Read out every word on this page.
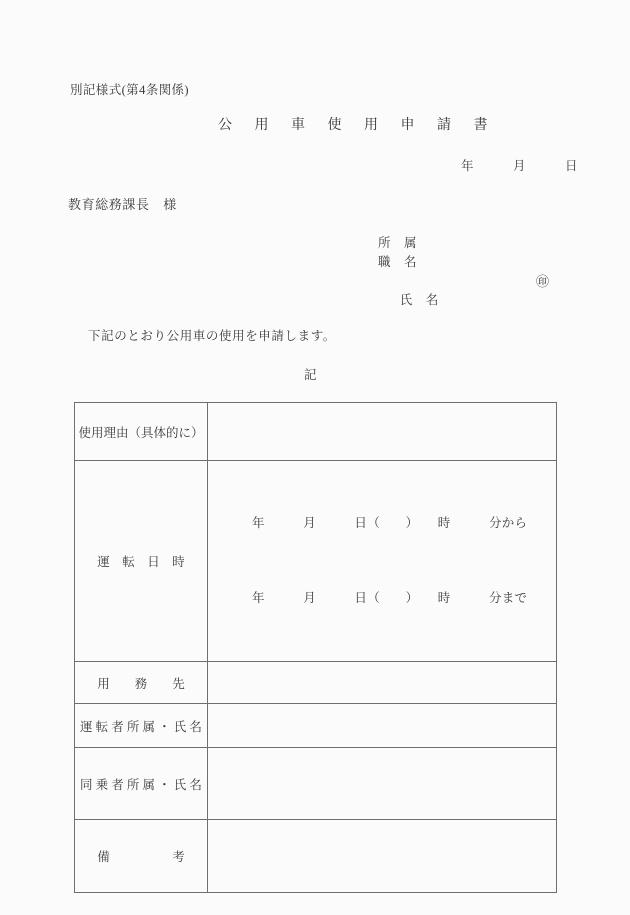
別記様式(第4条関係)
公 用 車 使 用 申 請 書
年　　　月　　　日
教育総務課長　様
所　属
職　名

氏　名

㊞

下記のとおり公用車の使用を申請します。
記
使用理由（具体的に）	

運　転　日　時	年　　　月　　　日（　　）　　時　　　分から

年　　　月　　　日（　　）　　時　　　分まで

用　　務　　先	

運 転 者 所 属 ・ 氏 名	

同 乗 者 所 属 ・ 氏 名	

備　　　　　考	
